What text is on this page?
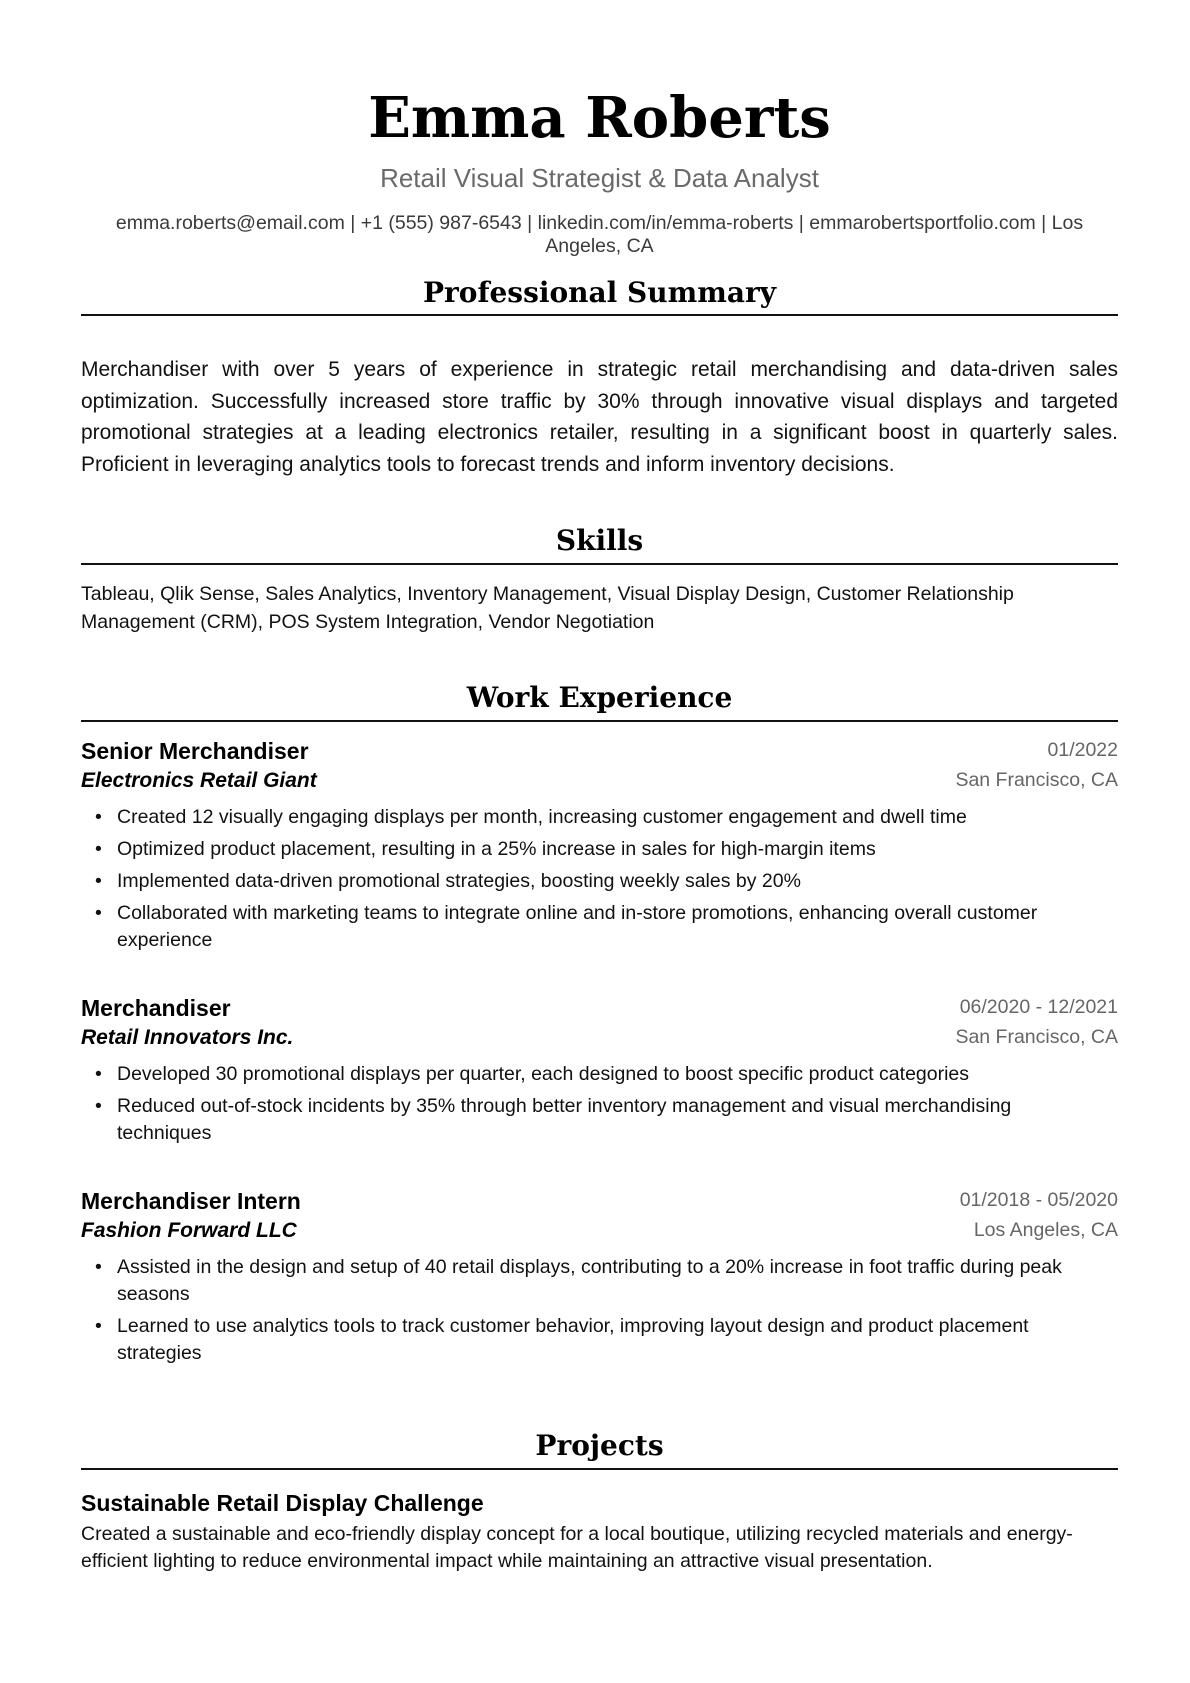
Emma Roberts
Retail Visual Strategist & Data Analyst
emma.roberts@email.com | +1 (555) 987-6543 | linkedin.com/in/emma-roberts | emmarobertsportfolio.com | Los Angeles, CA
Professional Summary
Merchandiser with over 5 years of experience in strategic retail merchandising and data-driven sales optimization. Successfully increased store traffic by 30% through innovative visual displays and targeted promotional strategies at a leading electronics retailer, resulting in a significant boost in quarterly sales. Proficient in leveraging analytics tools to forecast trends and inform inventory decisions.
Skills
Tableau, Qlik Sense, Sales Analytics, Inventory Management, Visual Display Design, Customer Relationship Management (CRM), POS System Integration, Vendor Negotiation
Work Experience
Senior Merchandiser	01/2022
Electronics Retail Giant	San Francisco, CA
• Created 12 visually engaging displays per month, increasing customer engagement and dwell time
• Optimized product placement, resulting in a 25% increase in sales for high-margin items
• Implemented data-driven promotional strategies, boosting weekly sales by 20%
• Collaborated with marketing teams to integrate online and in-store promotions, enhancing overall customer experience
Merchandiser	06/2020 - 12/2021
Retail Innovators Inc.	San Francisco, CA
• Developed 30 promotional displays per quarter, each designed to boost specific product categories
• Reduced out-of-stock incidents by 35% through better inventory management and visual merchandising techniques
Merchandiser Intern	01/2018 - 05/2020
Fashion Forward LLC	Los Angeles, CA
• Assisted in the design and setup of 40 retail displays, contributing to a 20% increase in foot traffic during peak seasons
• Learned to use analytics tools to track customer behavior, improving layout design and product placement strategies
Projects
Sustainable Retail Display Challenge
Created a sustainable and eco-friendly display concept for a local boutique, utilizing recycled materials and energy-efficient lighting to reduce environmental impact while maintaining an attractive visual presentation.
